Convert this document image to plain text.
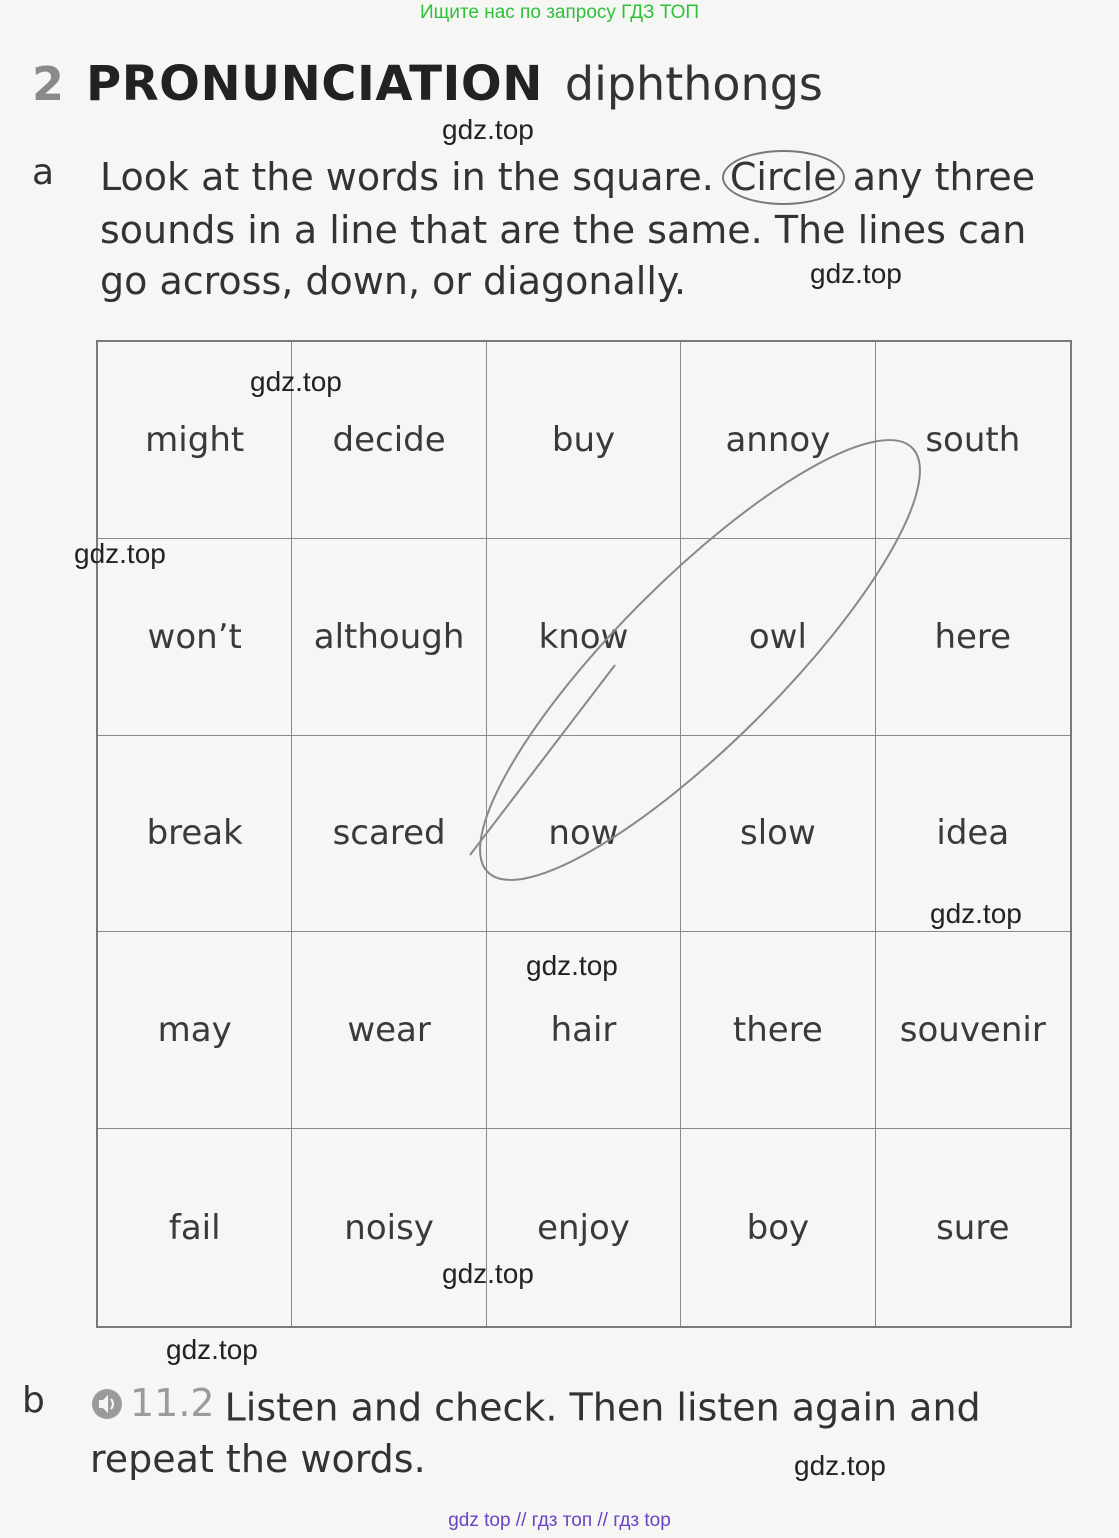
Ищите нас по запросу ГДЗ ТОП
2 PRONUNCIATION diphthongs
a Look at the words in the square. Circle any three sounds in a line that are the same. The lines can go across, down, or diagonally.
might	decide	buy	annoy	south
won’t	although	know	owl	here
break	scared	now	slow	idea
may	wear	hair	there	souvenir
fail	noisy	enjoy	boy	sure
b 11.2 Listen and check. Then listen again and repeat the words.
gdz.top
gdz.top
gdz.top
gdz.top
gdz.top
gdz.top
gdz.top
gdz.top
gdz.top
gdz top // гдз топ // гдз top
